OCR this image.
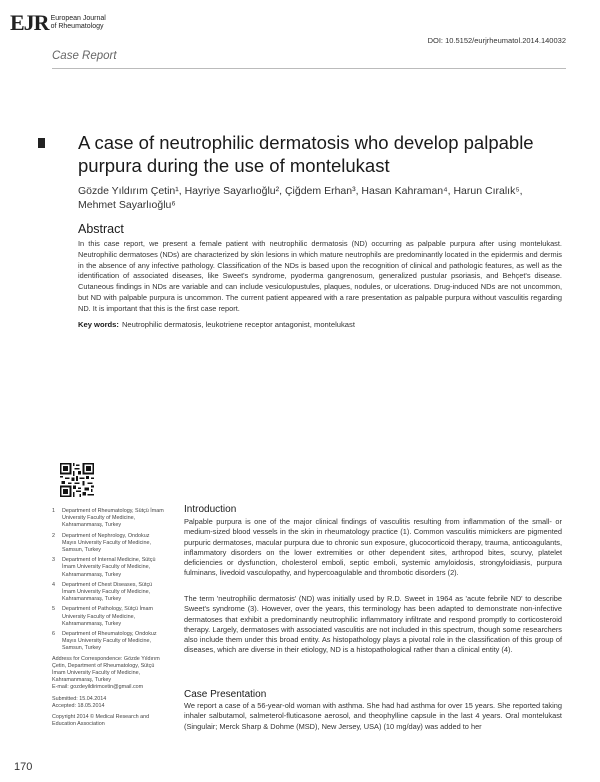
EJR European Journal of Rheumatology
DOI: 10.5152/eurjrheumatol.2014.140032
Case Report
A case of neutrophilic dermatosis who develop palpable purpura during the use of montelukast
Gözde Yıldırım Çetin¹, Hayriye Sayarlıoğlu², Çiğdem Erhan³, Hasan Kahraman⁴, Harun Cıralık⁵, Mehmet Sayarlıoğlu⁶
Abstract

In this case report, we present a female patient with neutrophilic dermatosis (ND) occurring as palpable purpura after using montelukast. Neutrophilic dermatoses (NDs) are characterized by skin lesions in which mature neutrophils are predominantly located in the epidermis and dermis in the absence of any infective pathology. Classification of the NDs is based upon the recognition of clinical and pathologic features, as well as the identification of associated diseases, like Sweet's syndrome, pyoderma gangrenosum, generalized pustular psoriasis, and Behçet's disease. Cutaneous findings in NDs are variable and can include vesiculopustules, plaques, nodules, or ulcerations. Drug-induced NDs are not uncommon, but ND with palpable purpura is uncommon. The current patient appeared with a rare presentation as palpable purpura without vasculitis regarding ND. It is important that this is the first case report.

Key words: Neutrophilic dermatosis, leukotriene receptor antagonist, montelukast
1	Department of Rheumatology, Sütçü İmam University Faculty of Medicine, Kahramanmaraş, Turkey
2	Department of Nephrology, Ondokuz Mayıs University Faculty of Medicine, Samsun, Turkey
3	Department of Internal Medicine, Sütçü İmam University Faculty of Medicine, Kahramanmaraş, Turkey
4	Department of Chest Diseases, Sütçü İmam University Faculty of Medicine, Kahramanmaraş, Turkey
5	Department of Pathology, Sütçü İmam University Faculty of Medicine, Kahramanmaraş, Turkey
6	Department of Rheumatology, Ondokuz Mayıs University Faculty of Medicine, Samsun, Turkey
Address for Correspondence: Gözde Yıldırım Çetin, Department of Rheumatology, Sütçü İmam University Faculty of Medicine, Kahramanmaraş, Turkey
E-mail: gozdeyildirimcetin@gmail.com
Submitted: 15.04.2014
Accepted: 18.05.2014
Copyright 2014 © Medical Research and Education Association
Introduction

Palpable purpura is one of the major clinical findings of vasculitis resulting from inflammation of the small- or medium-sized blood vessels in the skin in rheumatology practice (1). Common vasculitis mimickers are pigmented purpuric dermatoses, macular purpura due to chronic sun exposure, glucocorticoid therapy, trauma, anticoagulants, inflammatory disorders on the lower extremities or other dependent sites, arthropod bites, scurvy, platelet deficiencies or dysfunction, cholesterol emboli, septic emboli, systemic amyloidosis, strongyloidiasis, purpura fulminans, livedoid vasculopathy, and hypercoagulable and thrombotic disorders (2).

The term 'neutrophilic dermatosis' (ND) was initially used by R.D. Sweet in 1964 as 'acute febrile ND' to describe Sweet's syndrome (3). However, over the years, this terminology has been adapted to demonstrate non-infective dermatoses that exhibit a predominantly neutrophilic inflammatory infiltrate and respond promptly to corticosteroid therapy. Largely, dermatoses with associated vasculitis are not included in this spectrum, though some researchers also include them under this broad entity. As histopathology plays a pivotal role in the classification of this group of diseases, which are diverse in their etiology, ND is a histopathological rather than a clinical entity (4).

Case Presentation

We report a case of a 56-year-old woman with asthma. She had had asthma for over 15 years. She reported taking inhaler salbutamol, salmeterol-fluticasone aerosol, and theophylline capsule in the last 4 years. Oral montelukast (Singulair; Merck Sharp & Dohme (MSD), New Jersey, USA) (10 mg/day) was added to her

170
